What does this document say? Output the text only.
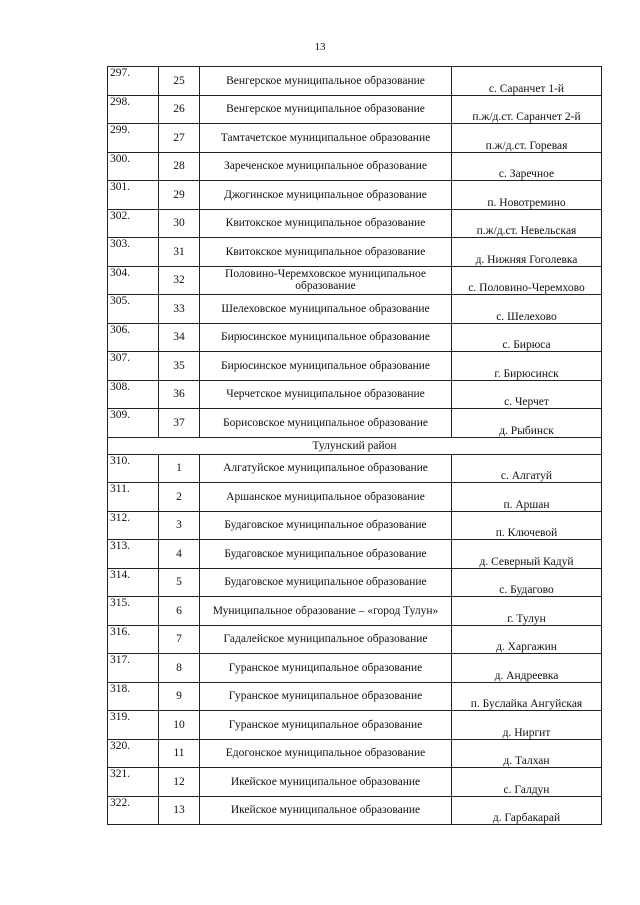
13
297.	25	Венгерское муниципальное образование	с. Саранчет 1-й
298.	26	Венгерское муниципальное образование	п.ж/д.ст. Саранчет 2-й
299.	27	Тамтачетское муниципальное образование	п.ж/д.ст. Горевая
300.	28	Зареченское муниципальное образование	с. Заречное
301.	29	Джогинское муниципальное образование	п. Новотремино
302.	30	Квитокское муниципальное образование	п.ж/д.ст. Невельская
303.	31	Квитокское муниципальное образование	д. Нижняя Гоголевка
304.	32	Половино-Черемховское муниципальное образование	с. Половино-Черемхово
305.	33	Шелеховское муниципальное образование	с. Шелехово
306.	34	Бирюсинское муниципальное образование	с. Бирюса
307.	35	Бирюсинское муниципальное образование	г. Бирюсинск
308.	36	Черчетское муниципальное образование	с. Черчет
309.	37	Борисовское муниципальное образование	д. Рыбинск
Тулунский район			
310.	1	Алгатуйское муниципальное образование	с. Алгатуй
311.	2	Аршанское муниципальное образование	п. Аршан
312.	3	Будаговское муниципальное образование	п. Ключевой
313.	4	Будаговское муниципальное образование	д. Северный Кадуй
314.	5	Будаговское муниципальное образование	с. Будагово
315.	6	Муниципальное образование – «город Тулун»	г. Тулун
316.	7	Гадалейское муниципальное образование	д. Харгажин
317.	8	Гуранское муниципальное образование	д. Андреевка
318.	9	Гуранское муниципальное образование	п. Буслайка Ангуйская
319.	10	Гуранское муниципальное образование	д. Ниргит
320.	11	Едогонское муниципальное образование	д. Талхан
321.	12	Икейское муниципальное образование	с. Галдун
322.	13	Икейское муниципальное образование	д. Гарбакарай
